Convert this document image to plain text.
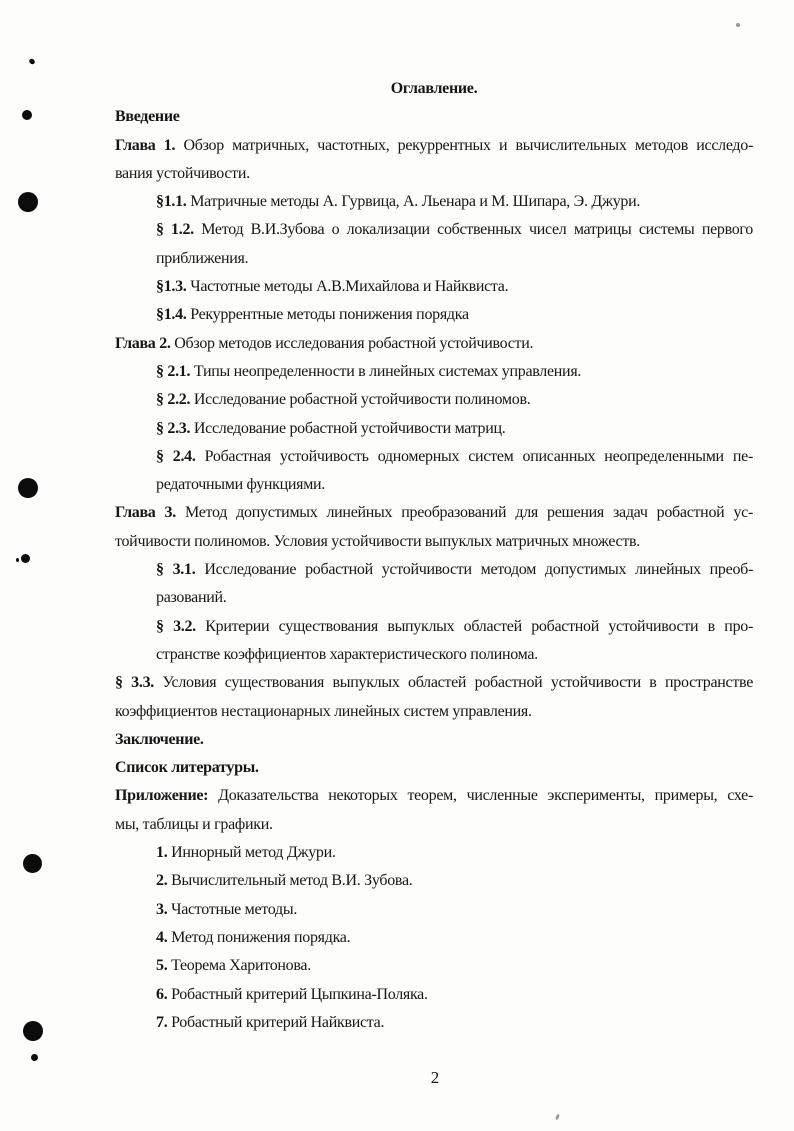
Оглавление.
Введение
Глава 1. Обзор матричных, частотных, рекуррентных и вычислительных методов исследо-
вания устойчивости.
§1.1. Матричные методы А. Гурвица, А. Льенара и М. Шипара, Э. Джури.
§ 1.2. Метод В.И.Зубова о локализации собственных чисел матрицы системы первого
приближения.
§1.3. Частотные методы А.В.Михайлова и Найквиста.
§1.4. Рекуррентные методы понижения порядка
Глава 2. Обзор методов исследования робастной устойчивости.
§ 2.1. Типы неопределенности в линейных системах управления.
§ 2.2. Исследование робастной устойчивости полиномов.
§ 2.3. Исследование робастной устойчивости матриц.
§ 2.4. Робастная устойчивость одномерных систем описанных неопределенными пе-
редаточными функциями.
Глава 3. Метод допустимых линейных преобразований для решения задач робастной ус-
тойчивости полиномов. Условия устойчивости выпуклых матричных множеств.
§ 3.1. Исследование робастной устойчивости методом допустимых линейных преоб-
разований.
§ 3.2. Критерии существования выпуклых областей робастной устойчивости в про-
странстве коэффициентов характеристического полинома.
§ 3.3. Условия существования выпуклых областей робастной устойчивости в пространстве
коэффициентов нестационарных линейных систем управления.
Заключение.
Список литературы.
Приложение: Доказательства некоторых теорем, численные эксперименты, примеры, схе-
мы, таблицы и графики.
1. Иннорный метод Джури.
2. Вычислительный метод В.И. Зубова.
3. Частотные методы.
4. Метод понижения порядка.
5. Теорема Харитонова.
6. Робастный критерий Цыпкина-Поляка.
7. Робастный критерий Найквиста.
2
